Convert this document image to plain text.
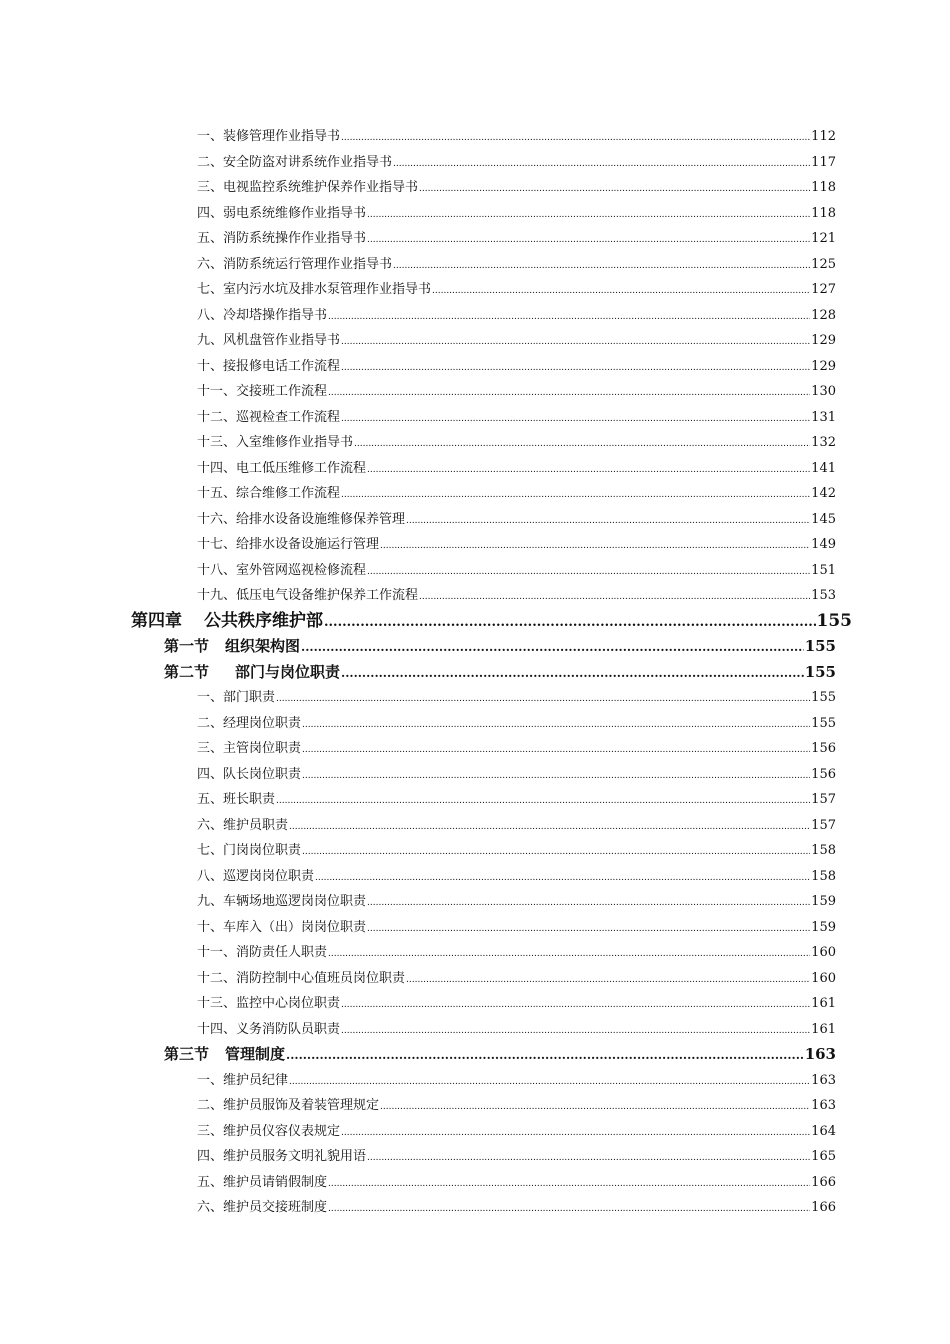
一、装修管理作业指导书 .....	112
二、安全防盗对讲系统作业指导书 .....	117
三、电视监控系统维护保养作业指导书 .....	118
四、弱电系统维修作业指导书 .....	118
五、消防系统操作作业指导书 .....	121
六、消防系统运行管理作业指导书 .....	125
七、室内污水坑及排水泵管理作业指导书 .....	127
八、冷却塔操作指导书 .....	128
九、风机盘管作业指导书 .....	129
十、接报修电话工作流程 .....	129
十一、交接班工作流程 .....	130
十二、巡视检查工作流程 .....	131
十三、入室维修作业指导书 .....	132
十四、电工低压维修工作流程 .....	141
十五、综合维修工作流程 .....	142
十六、给排水设备设施维修保养管理 .....	145
十七、给排水设备设施运行管理 .....	149
十八、室外管网巡视检修流程 .....	151
十九、低压电气设备维护保养工作流程 .....	153
第四章 公共秩序维护部 .....	155
第一节 组织架构图 .....	155
第二节 部门与岗位职责 .....	155
一、部门职责 .....	155
二、经理岗位职责 .....	155
三、主管岗位职责 .....	156
四、队长岗位职责 .....	156
五、班长职责 .....	157
六、维护员职责 .....	157
七、门岗岗位职责 .....	158
八、巡逻岗岗位职责 .....	158
九、车辆场地巡逻岗岗位职责 .....	159
十、车库入（出）岗岗位职责 .....	159
十一、消防责任人职责 .....	160
十二、消防控制中心值班员岗位职责 .....	160
十三、监控中心岗位职责 .....	161
十四、义务消防队员职责 .....	161
第三节 管理制度 .....	163
一、维护员纪律 .....	163
二、维护员服饰及着装管理规定 .....	163
三、维护员仪容仪表规定 .....	164
四、维护员服务文明礼貌用语 .....	165
五、维护员请销假制度 .....	166
六、维护员交接班制度 .....	166
